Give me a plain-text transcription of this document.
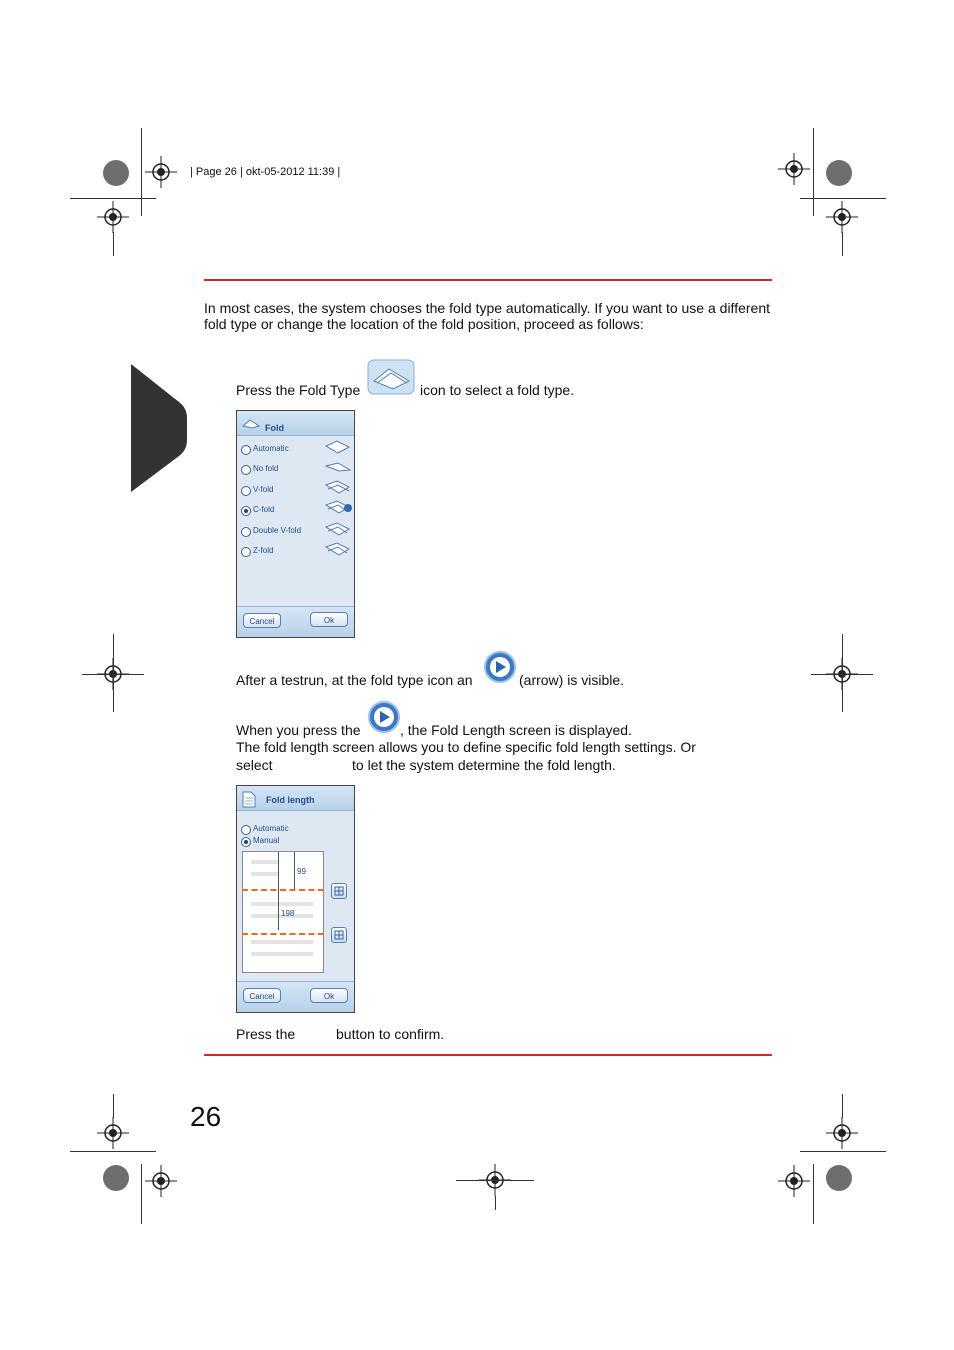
| Page 26 | okt-05-2012 11:39 |
In most cases, the system chooses the fold type automatically. If you want to use a different
fold type or change the location of the fold position, proceed as follows:
Press the Fold Type	icon to select a fold type.
Fold
Automatic
No fold
V-fold
C-fold
Double V-fold
Z-fold
Cancel	Ok
After a testrun, at the fold type icon an	(arrow) is visible.
When you press the	, the Fold Length screen is displayed.
The fold length screen allows you to define specific fold length settings. Or
select	to let the system determine the fold length.
Fold length
Automatic
Manual
99
198
Cancel	Ok
Press the	button to confirm.
26
